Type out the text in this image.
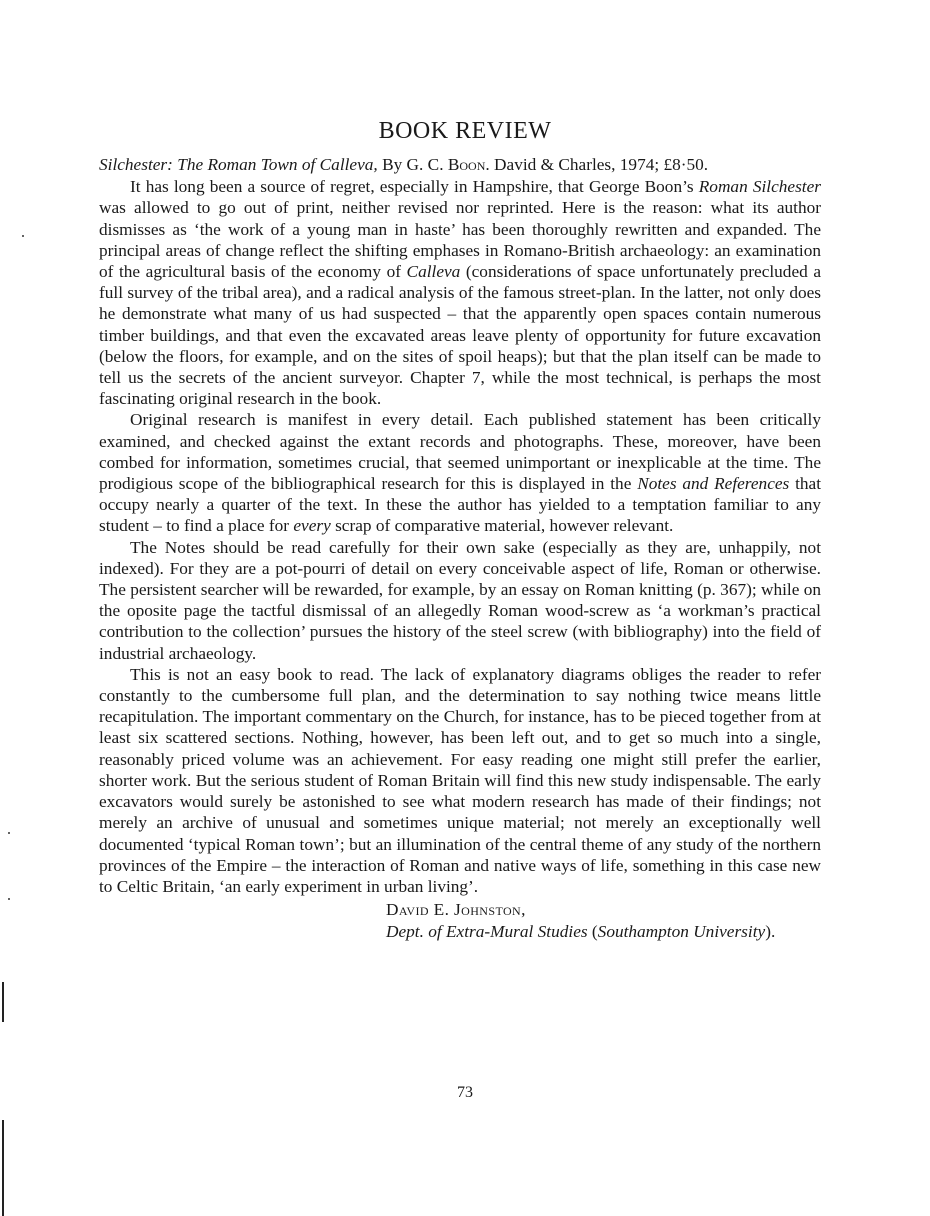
BOOK REVIEW

Silchester: The Roman Town of Calleva, By G. C. Boon. David & Charles, 1974; £8·50.

It has long been a source of regret, especially in Hampshire, that George Boon’s Roman Silchester was allowed to go out of print, neither revised nor reprinted. Here is the reason: what its author dismisses as ‘the work of a young man in haste’ has been thoroughly rewritten and expanded. The principal areas of change reflect the shifting emphases in Romano-British archaeology: an examination of the agricultural basis of the economy of Calleva (considerations of space unfortunately precluded a full survey of the tribal area), and a radical analysis of the famous street-plan. In the latter, not only does he demonstrate what many of us had suspected – that the apparently open spaces contain numerous timber buildings, and that even the excavated areas leave plenty of opportunity for future excavation (below the floors, for example, and on the sites of spoil heaps); but that the plan itself can be made to tell us the secrets of the ancient surveyor. Chapter 7, while the most technical, is perhaps the most fascinating original research in the book.

Original research is manifest in every detail. Each published statement has been critically examined, and checked against the extant records and photographs. These, moreover, have been combed for information, sometimes crucial, that seemed unimportant or inexplicable at the time. The prodigious scope of the bibliographical research for this is displayed in the Notes and References that occupy nearly a quarter of the text. In these the author has yielded to a temptation familiar to any student – to find a place for every scrap of comparative material, however relevant.

The Notes should be read carefully for their own sake (especially as they are, unhappily, not indexed). For they are a pot-pourri of detail on every conceivable aspect of life, Roman or otherwise. The persistent searcher will be rewarded, for example, by an essay on Roman knitting (p. 367); while on the oposite page the tactful dismissal of an allegedly Roman wood-screw as ‘a workman’s practical contribution to the collection’ pursues the history of the steel screw (with bibliography) into the field of industrial archaeology.

This is not an easy book to read. The lack of explanatory diagrams obliges the reader to refer constantly to the cumbersome full plan, and the determination to say nothing twice means little recapitulation. The important commentary on the Church, for instance, has to be pieced together from at least six scattered sections. Nothing, however, has been left out, and to get so much into a single, reasonably priced volume was an achievement. For easy reading one might still prefer the earlier, shorter work. But the serious student of Roman Britain will find this new study indispensable. The early excavators would surely be astonished to see what modern research has made of their findings; not merely an archive of unusual and sometimes unique material; not merely an exceptionally well documented ‘typical Roman town’; but an illumination of the central theme of any study of the northern provinces of the Empire – the interaction of Roman and native ways of life, something in this case new to Celtic Britain, ‘an early experiment in urban living’.

David E. Johnston,
Dept. of Extra-Mural Studies (Southampton University).
73
